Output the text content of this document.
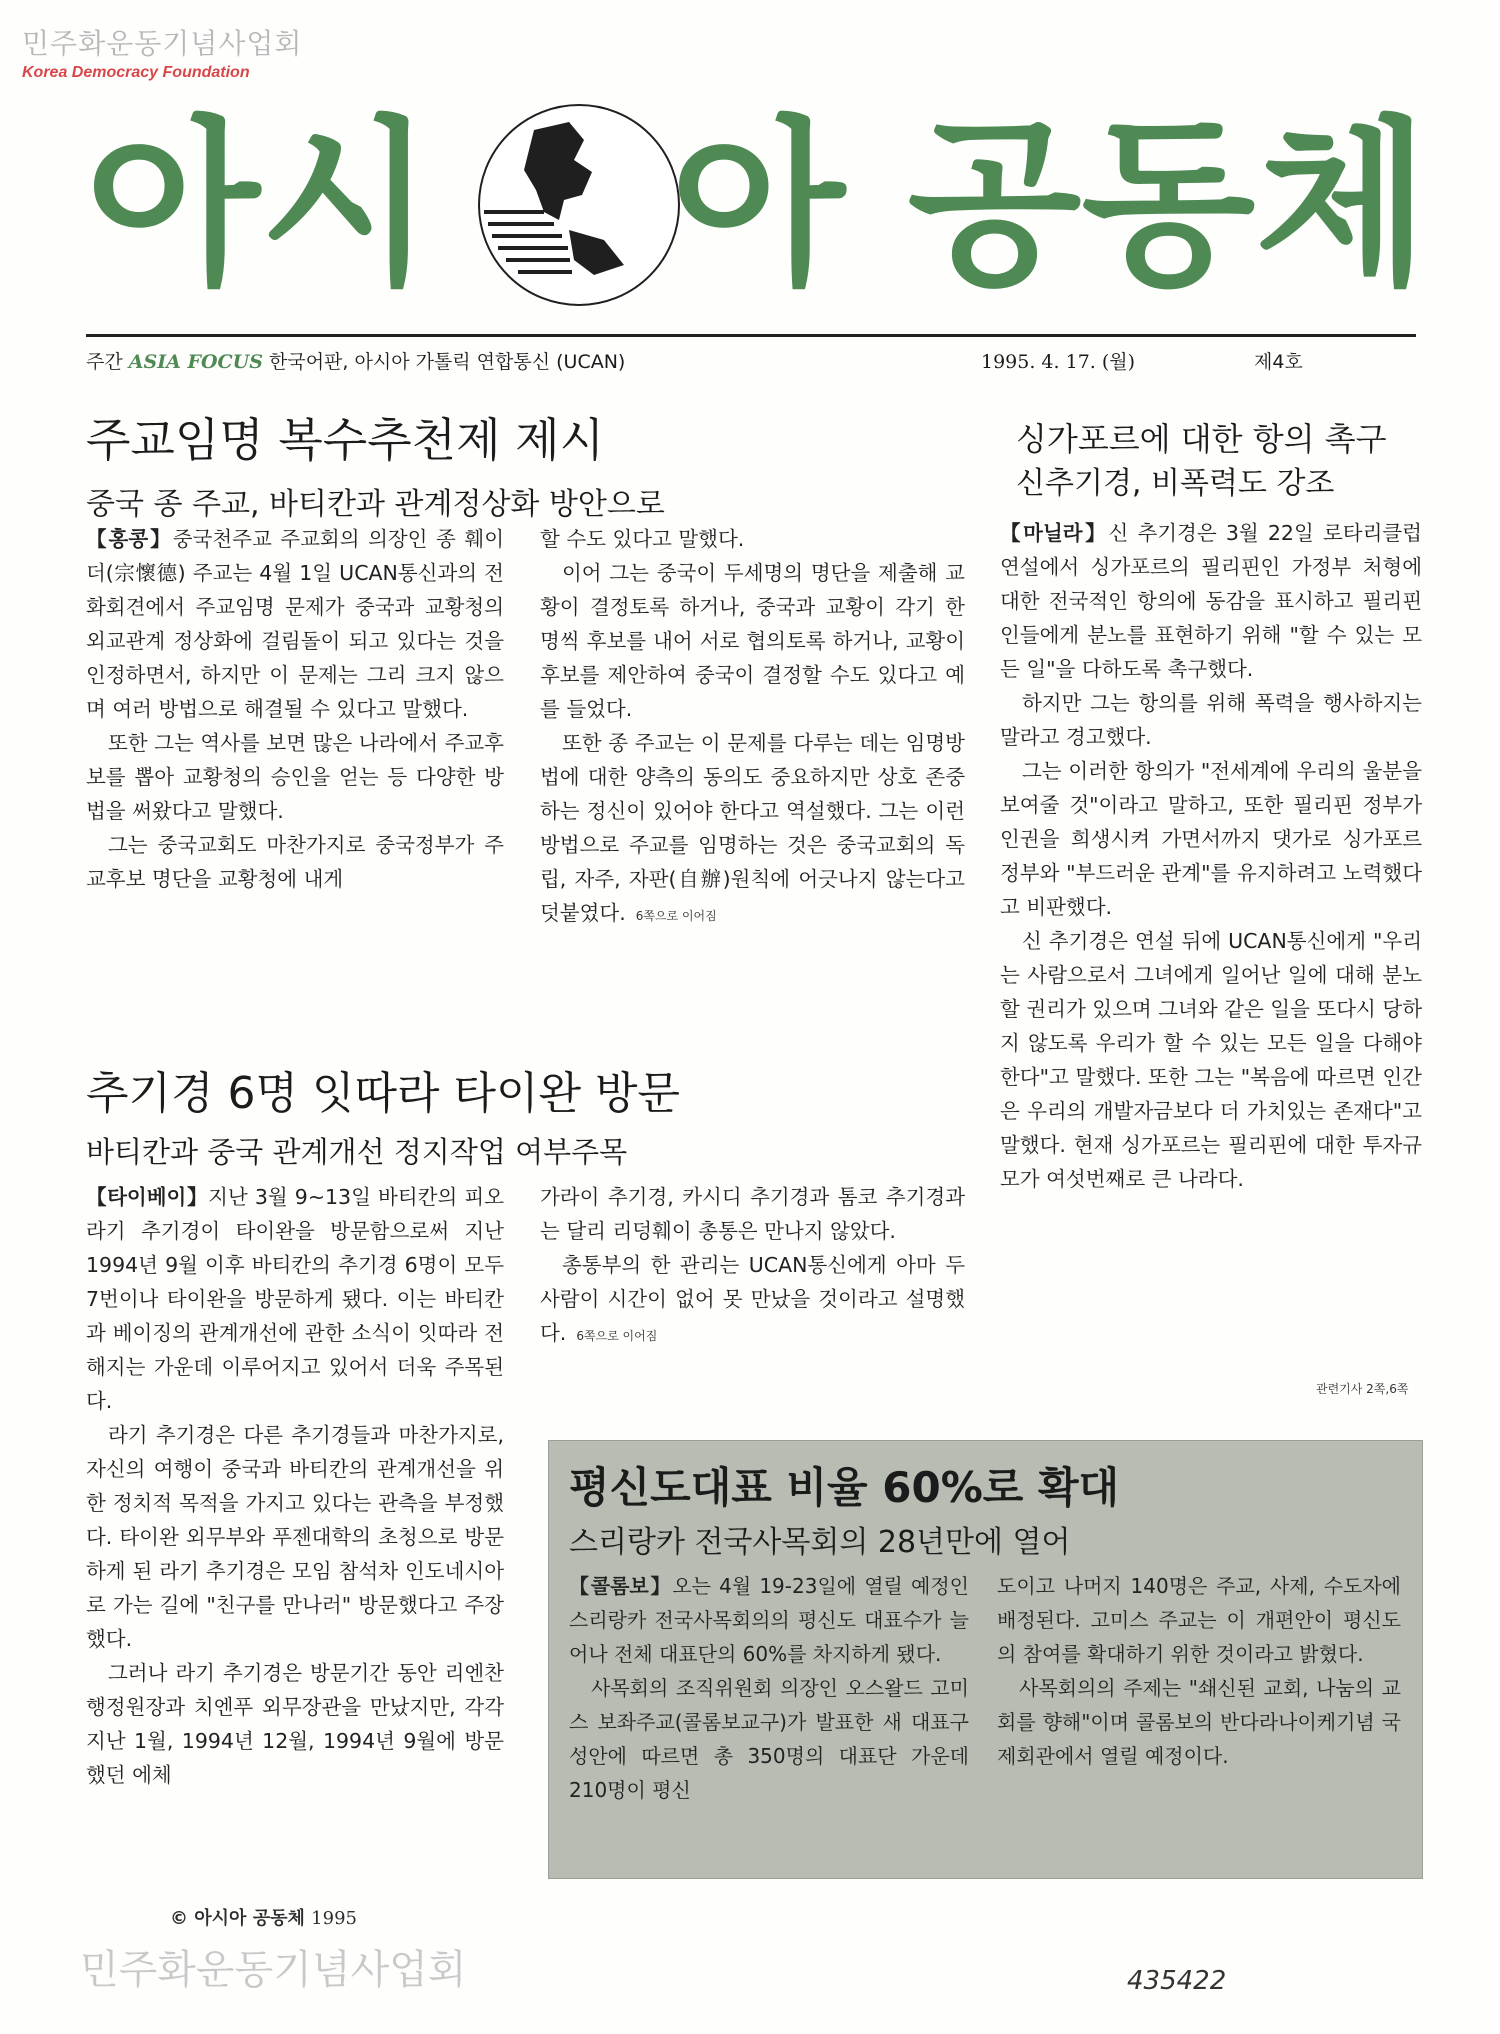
민주화운동기념사업회
Korea Democracy Foundation
아시 아 공동체
주간 ASIA FOCUS 한국어판, 아시아 가톨릭 연합통신 (UCAN)	1995. 4. 17. (월)	제4호
주교임명 복수추천제 제시
중국 종 주교, 바티칸과 관계정상화 방안으로

【홍콩】중국천주교 주교회의 의장인 종 훼이더(宗懷德) 주교는 4월 1일 UCAN통신과의 전화회견에서 주교임명 문제가 중국과 교황청의 외교관계 정상화에 걸림돌이 되고 있다는 것을 인정하면서, 하지만 이 문제는 그리 크지 않으며 여러 방법으로 해결될 수 있다고 말했다.

또한 그는 역사를 보면 많은 나라에서 주교후보를 뽑아 교황청의 승인을 얻는 등 다양한 방법을 써왔다고 말했다.

그는 중국교회도 마찬가지로 중국정부가 주교후보 명단을 교황청에 내게

할 수도 있다고 말했다.

이어 그는 중국이 두세명의 명단을 제출해 교황이 결정토록 하거나, 중국과 교황이 각기 한 명씩 후보를 내어 서로 협의토록 하거나, 교황이 후보를 제안하여 중국이 결정할 수도 있다고 예를 들었다.

또한 종 주교는 이 문제를 다루는 데는 임명방법에 대한 양측의 동의도 중요하지만 상호 존중하는 정신이 있어야 한다고 역설했다. 그는 이런 방법으로 주교를 임명하는 것은 중국교회의 독립, 자주, 자판(自辦)원칙에 어긋나지 않는다고 덧붙였다. 6쪽으로 이어짐

추기경 6명 잇따라 타이완 방문
바티칸과 중국 관계개선 정지작업 여부주목

【타이베이】지난 3월 9~13일 바티칸의 피오 라기 추기경이 타이완을 방문함으로써 지난 1994년 9월 이후 바티칸의 추기경 6명이 모두 7번이나 타이완을 방문하게 됐다. 이는 바티칸과 베이징의 관계개선에 관한 소식이 잇따라 전해지는 가운데 이루어지고 있어서 더욱 주목된다.

라기 추기경은 다른 추기경들과 마찬가지로, 자신의 여행이 중국과 바티칸의 관계개선을 위한 정치적 목적을 가지고 있다는 관측을 부정했다. 타이완 외무부와 푸젠대학의 초청으로 방문하게 된 라기 추기경은 모임 참석차 인도네시아로 가는 길에 "친구를 만나러" 방문했다고 주장했다.

그러나 라기 추기경은 방문기간 동안 리엔찬 행정원장과 치엔푸 외무장관을 만났지만, 각각 지난 1월, 1994년 12월, 1994년 9월에 방문했던 에체

가라이 추기경, 카시디 추기경과 톰코 추기경과는 달리 리덩훼이 총통은 만나지 않았다.

총통부의 한 관리는 UCAN통신에게 아마 두 사람이 시간이 없어 못 만났을 것이라고 설명했다. 6쪽으로 이어짐

싱가포르에 대한 항의 촉구
신추기경, 비폭력도 강조

【마닐라】신 추기경은 3월 22일 로타리클럽 연설에서 싱가포르의 필리핀인 가정부 처형에 대한 전국적인 항의에 동감을 표시하고 필리핀인들에게 분노를 표현하기 위해 "할 수 있는 모든 일"을 다하도록 촉구했다.

하지만 그는 항의를 위해 폭력을 행사하지는 말라고 경고했다.

그는 이러한 항의가 "전세계에 우리의 울분을 보여줄 것"이라고 말하고, 또한 필리핀 정부가 인권을 희생시켜 가면서까지 댓가로 싱가포르정부와 "부드러운 관계"를 유지하려고 노력했다고 비판했다.

신 추기경은 연설 뒤에 UCAN통신에게 "우리는 사람으로서 그녀에게 일어난 일에 대해 분노할 권리가 있으며 그녀와 같은 일을 또다시 당하지 않도록 우리가 할 수 있는 모든 일을 다해야 한다"고 말했다. 또한 그는 "복음에 따르면 인간은 우리의 개발자금보다 더 가치있는 존재다"고 말했다. 현재 싱가포르는 필리핀에 대한 투자규모가 여섯번째로 큰 나라다.

관련기사 2쪽,6쪽
평신도대표 비율 60%로 확대
스리랑카 전국사목회의 28년만에 열어

【콜롬보】오는 4월 19-23일에 열릴 예정인 스리랑카 전국사목회의의 평신도 대표수가 늘어나 전체 대표단의 60%를 차지하게 됐다.

사목회의 조직위원회 의장인 오스왈드 고미스 보좌주교(콜롬보교구)가 발표한 새 대표구성안에 따르면 총 350명의 대표단 가운데 210명이 평신

도이고 나머지 140명은 주교, 사제, 수도자에 배정된다. 고미스 주교는 이 개편안이 평신도의 참여를 확대하기 위한 것이라고 밝혔다.

사목회의의 주제는 "쇄신된 교회, 나눔의 교회를 향해"이며 콜롬보의 반다라나이케기념 국제회관에서 열릴 예정이다.

© 아시아 공동체 1995
민주화운동기념사업회	435422
